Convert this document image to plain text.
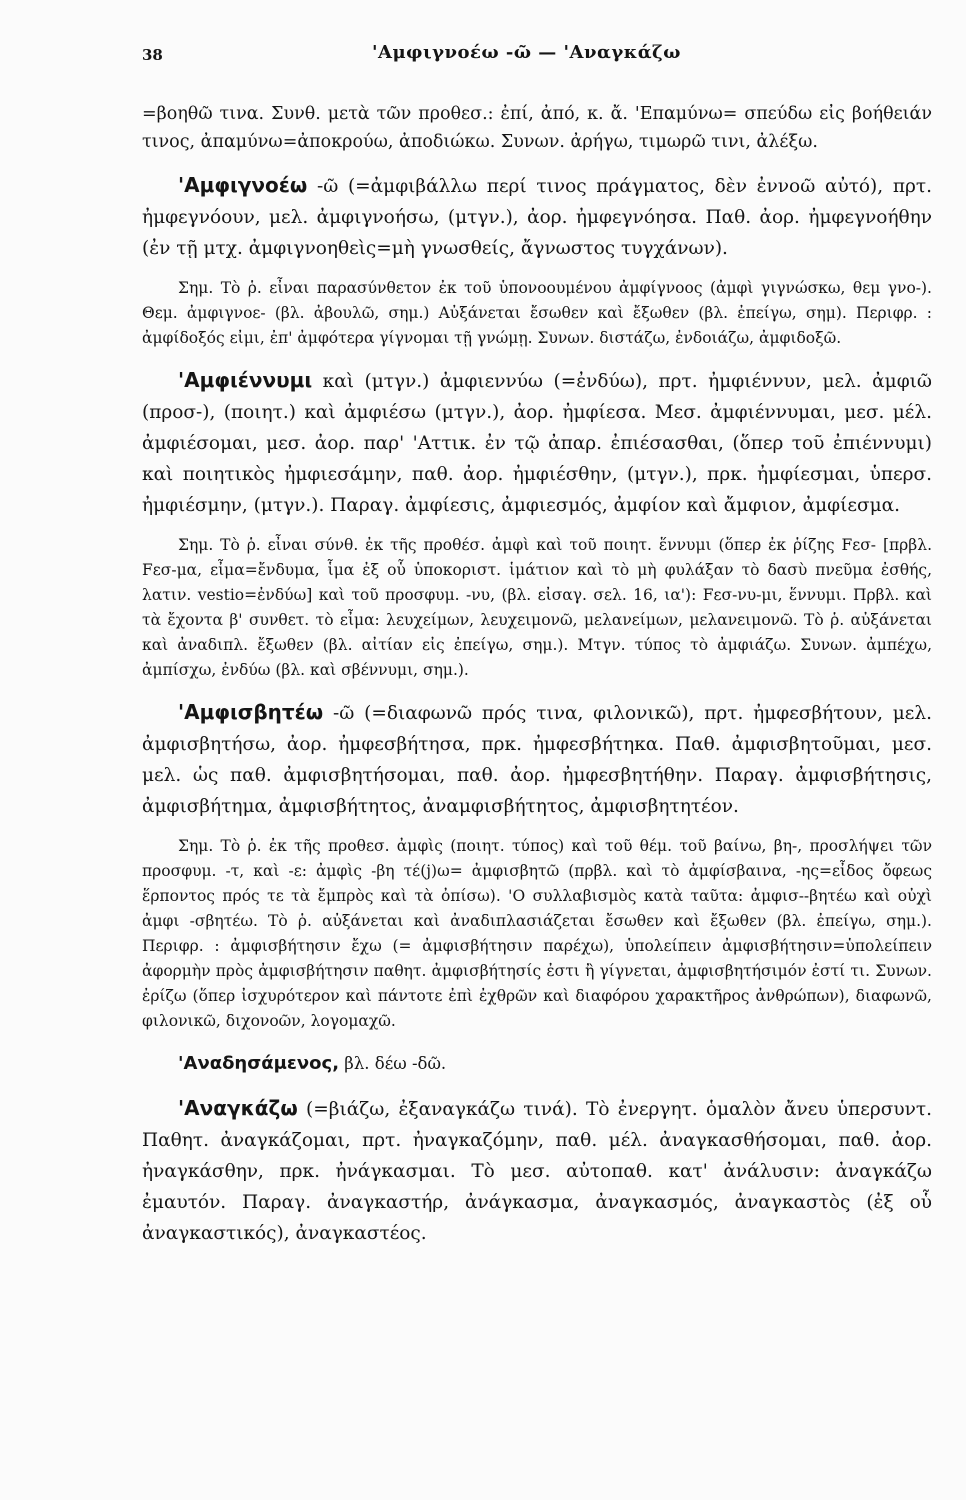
38	'Αμφιγνοέω -ῶ — 'Αναγκάζω

=βοηθῶ τινα. Συνθ. μετὰ τῶν προθεσ.: ἐπί, ἀπό, κ. ἄ. 'Επαμύνω= σπεύδω εἰς βοήθειάν τινος, ἀπαμύνω=ἀποκρούω, ἀποδιώκω. Συνων. ἀρήγω, τιμωρῶ τινι, ἀλέξω.

'Αμφιγνοέω -ῶ (=ἀμφιβάλλω περί τινος πράγματος, δὲν ἐννοῶ αὐτό), πρτ. ἠμφεγνόουν, μελ. ἀμφιγνοήσω, (μτγν.), ἀορ. ἠμφεγνόησα. Παθ. ἀορ. ἠμφεγνοήθην (ἐν τῇ μτχ. ἀμφιγνοηθεὶς=μὴ γνωσθείς, ἄγνωστος τυγχάνων).

Σημ. Τὸ ῥ. εἶναι παρασύνθετον ἐκ τοῦ ὑπονοουμένου ἀμφίγνοος (ἀμφὶ γιγνώσκω, θεμ γνο-). Θεμ. ἀμφιγνοε- (βλ. ἀβουλῶ, σημ.) Αὐξάνεται ἔσωθεν καὶ ἔξωθεν (βλ. ἐπείγω, σημ). Περιφρ. : ἀμφίδοξός εἰμι, ἐπ' ἀμφότερα γίγνομαι τῇ γνώμῃ. Συνων. διστάζω, ἐνδοιάζω, ἀμφιδοξῶ.

'Αμφιέννυμι καὶ (μτγν.) ἀμφιεννύω (=ἐνδύω), πρτ. ἠμφιέννυν, μελ. ἀμφιῶ (προσ-), (ποιητ.) καὶ ἀμφιέσω (μτγν.), ἀορ. ἠμφίεσα. Μεσ. ἀμφιέννυμαι, μεσ. μέλ. ἀμφιέσομαι, μεσ. ἀορ. παρ' 'Αττικ. ἐν τῷ ἀπαρ. ἐπιέσασθαι, (ὅπερ τοῦ ἐπιέννυμι) καὶ ποιητικὸς ἠμφιεσάμην, παθ. ἀορ. ἠμφιέσθην, (μτγν.), πρκ. ἠμφίεσμαι, ὑπερσ. ἠμφιέσμην, (μτγν.). Παραγ. ἀμφίεσις, ἀμφιεσμός, ἀμφίον καὶ ἄμφιον, ἀμφίεσμα.

Σημ. Τὸ ῥ. εἶναι σύνθ. ἐκ τῆς προθέσ. ἀμφὶ καὶ τοῦ ποιητ. ἕννυμι (ὅπερ ἐκ ῥίζης Fεσ- [πρβλ. Fεσ-μα, εἶμα=ἔνδυμα, ἷμα ἐξ οὗ ὑποκοριστ. ἱμάτιον καὶ τὸ μὴ φυλάξαν τὸ δασὺ πνεῦμα ἐσθής, λατιν. vestio=ἐνδύω] καὶ τοῦ προσφυμ. -νυ, (βλ. εἰσαγ. σελ. 16, ια'): Fεσ-νυ-μι, ἕννυμι. Πρβλ. καὶ τὰ ἔχοντα β' συνθετ. τὸ εἶμα: λευχείμων, λευχειμονῶ, μελανείμων, μελανειμονῶ. Τὸ ῥ. αὐξάνεται καὶ ἀναδιπλ. ἔξωθεν (βλ. αἰτίαν εἰς ἐπείγω, σημ.). Μτγν. τύπος τὸ ἀμφιάζω. Συνων. ἀμπέχω, ἀμπίσχω, ἐνδύω (βλ. καὶ σβέννυμι, σημ.).

'Αμφισβητέω -ῶ (=διαφωνῶ πρός τινα, φιλονικῶ), πρτ. ἠμφεσβήτουν, μελ. ἀμφισβητήσω, ἀορ. ἠμφεσβήτησα, πρκ. ἠμφεσβήτηκα. Παθ. ἀμφισβητοῦμαι, μεσ. μελ. ὡς παθ. ἀμφισβητήσομαι, παθ. ἀορ. ἠμφεσβητήθην. Παραγ. ἀμφισβήτησις, ἀμφισβήτημα, ἀμφισβήτητος, ἀναμφισβήτητος, ἀμφισβητητέον.

Σημ. Τὸ ῥ. ἐκ τῆς προθεσ. ἀμφὶς (ποιητ. τύπος) καὶ τοῦ θέμ. τοῦ βαίνω, βη-, προσλήψει τῶν προσφυμ. -τ, καὶ -ε: ἀμφὶς -βη τέ(j)ω= ἀμφισβητῶ (πρβλ. καὶ τὸ ἀμφίσβαινα, -ης=εἶδος ὄφεως ἕρποντος πρός τε τὰ ἔμπρὸς καὶ τὰ ὀπίσω). 'Ο συλλαβισμὸς κατὰ ταῦτα: ἀμφισ--βητέω καὶ οὐχὶ ἀμφι -σβητέω. Τὸ ῥ. αὐξάνεται καὶ ἀναδιπλασιάζεται ἔσωθεν καὶ ἔξωθεν (βλ. ἐπείγω, σημ.). Περιφρ. : ἀμφισβήτησιν ἔχω (= ἀμφισβήτησιν παρέχω), ὑπολείπειν ἀμφισβήτησιν=ὑπολείπειν ἀφορμὴν πρὸς ἀμφισβήτησιν παθητ. ἀμφισβήτησίς ἐστι ἢ γίγνεται, ἀμφισβητήσιμόν ἐστί τι. Συνων. ἐρίζω (ὅπερ ἰσχυρότερον καὶ πάντοτε ἐπὶ ἐχθρῶν καὶ διαφόρου χαρακτῆρος ἀνθρώπων), διαφωνῶ, φιλονικῶ, διχονοῶν, λογομαχῶ.

'Αναδησάμενος, βλ. δέω -δῶ.

'Αναγκάζω (=βιάζω, ἐξαναγκάζω τινά). Τὸ ἐνεργητ. ὁμαλὸν ἄνευ ὑπερσυντ. Παθητ. ἀναγκάζομαι, πρτ. ἠναγκαζόμην, παθ. μέλ. ἀναγκασθήσομαι, παθ. ἀορ. ἠναγκάσθην, πρκ. ἠνάγκασμαι. Τὸ μεσ. αὐτοπαθ. κατ' ἀνάλυσιν: ἀναγκάζω ἐμαυτόν. Παραγ. ἀναγκαστήρ, ἀνάγκασμα, ἀναγκασμός, ἀναγκαστὸς (ἐξ οὗ ἀναγκαστικός), ἀναγκαστέος.
